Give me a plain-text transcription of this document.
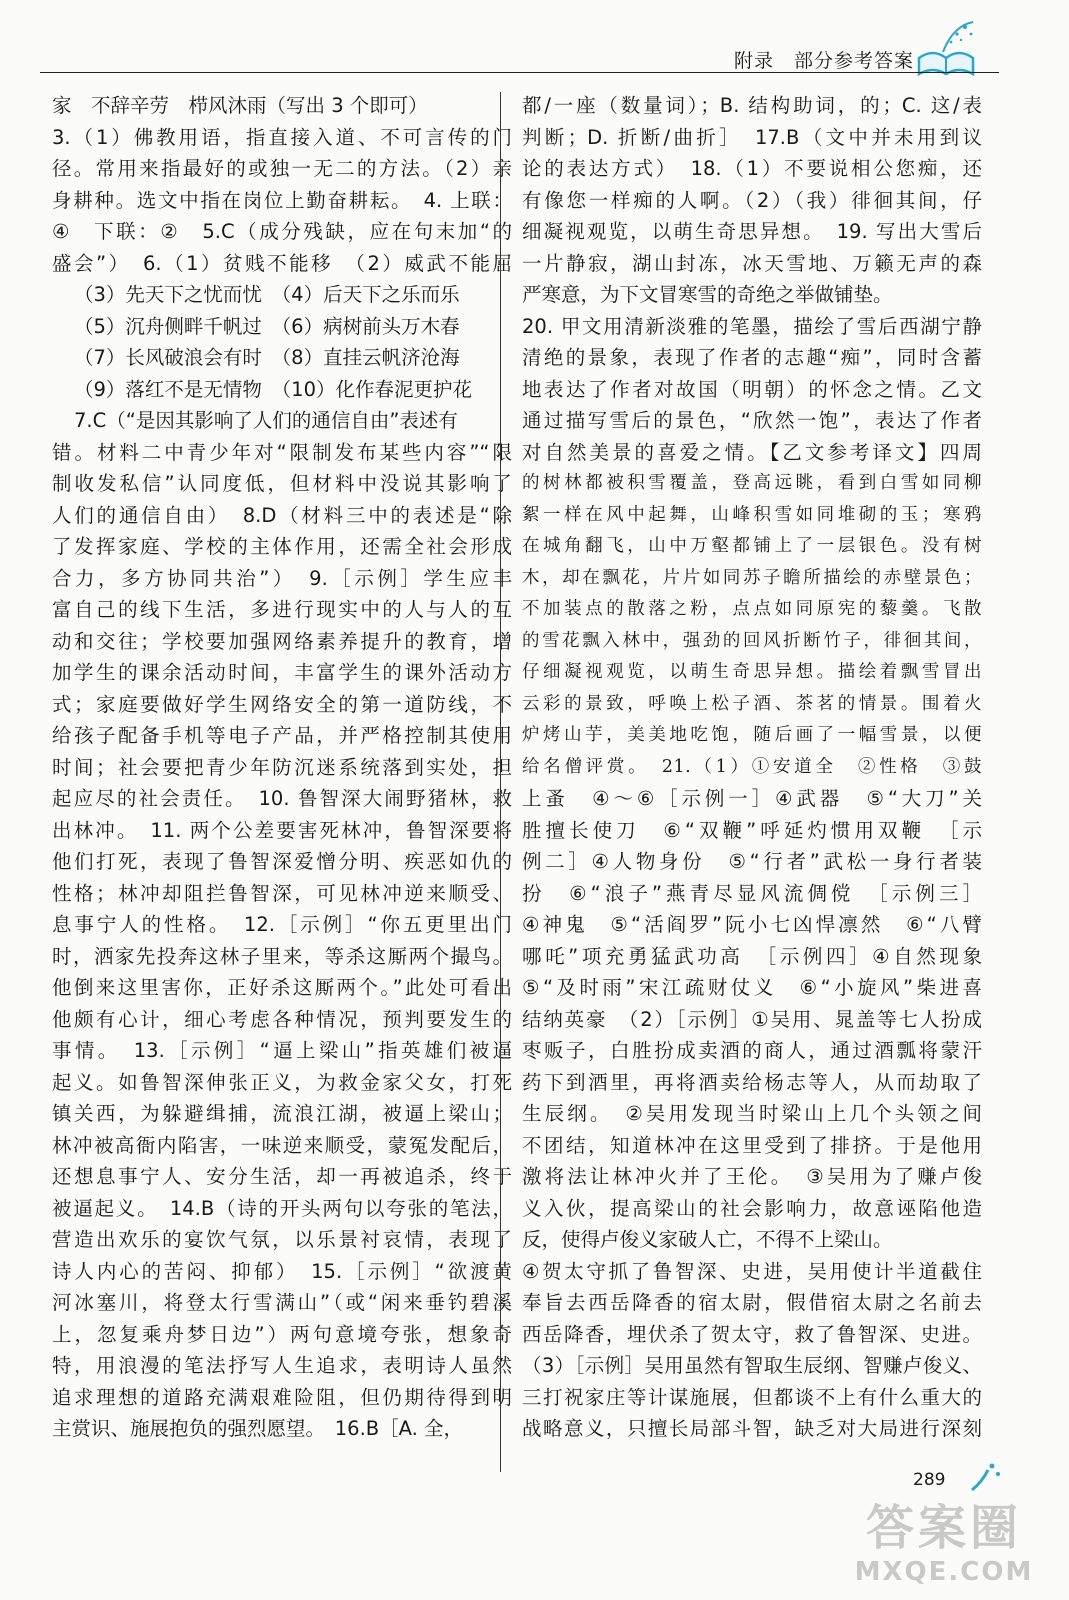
附录　部分参考答案
家　不辞辛劳　栉风沐雨（写出 3 个即可）
3.（1）佛教用语，指直接入道、不可言传的门
径。常用来指最好的或独一无二的方法。（2）亲
身耕种。选文中指在岗位上勤奋耕耘。　4. 上联：
④　下联：②　5.C（成分残缺，应在句末加“的
盛会”）　6.（1）贫贱不能移　（2）威武不能屈
（3）先天下之忧而忧　（4）后天下之乐而乐
（5）沉舟侧畔千帆过　（6）病树前头万木春
（7）长风破浪会有时　（8）直挂云帆济沧海
（9）落红不是无情物　（10）化作春泥更护花
7.C（“是因其影响了人们的通信自由”表述有
错。材料二中青少年对“限制发布某些内容”“限
制收发私信”认同度低，但材料中没说其影响了
人们的通信自由）　8.D（材料三中的表述是“除
了发挥家庭、学校的主体作用，还需全社会形成
合力，多方协同共治”）　9.［示例］学生应丰
富自己的线下生活，多进行现实中的人与人的互
动和交往；学校要加强网络素养提升的教育，增
加学生的课余活动时间，丰富学生的课外活动方
式；家庭要做好学生网络安全的第一道防线，不
给孩子配备手机等电子产品，并严格控制其使用
时间；社会要把青少年防沉迷系统落到实处，担
起应尽的社会责任。　10. 鲁智深大闹野猪林，救
出林冲。　11. 两个公差要害死林冲，鲁智深要将
他们打死，表现了鲁智深爱憎分明、疾恶如仇的
性格；林冲却阻拦鲁智深，可见林冲逆来顺受、
息事宁人的性格。　12.［示例］“你五更里出门
时，洒家先投奔这林子里来，等杀这厮两个撮鸟。
他倒来这里害你，正好杀这厮两个。”此处可看出
他颇有心计，细心考虑各种情况，预判要发生的
事情。　13.［示例］“逼上梁山”指英雄们被逼
起义。如鲁智深伸张正义，为救金家父女，打死
镇关西，为躲避缉捕，流浪江湖，被逼上梁山；
林冲被高衙内陷害，一味逆来顺受，蒙冤发配后，
还想息事宁人、安分生活，却一再被追杀，终于
被逼起义。　14.B（诗的开头两句以夸张的笔法，
营造出欢乐的宴饮气氛，以乐景衬哀情，表现了
诗人内心的苦闷、抑郁）　15.［示例］“欲渡黄
河冰塞川，将登太行雪满山”（或“闲来垂钓碧溪
上，忽复乘舟梦日边”）两句意境夸张，想象奇
特，用浪漫的笔法抒写人生追求，表明诗人虽然
追求理想的道路充满艰难险阻，但仍期待得到明
主赏识、施展抱负的强烈愿望。　16.B［A. 全，
都/一座（数量词）；B. 结构助词，的；C. 这/表
判断；D. 折断/曲折］　17.B（文中并未用到议
论的表达方式）　18.（1）不要说相公您痴，还
有像您一样痴的人啊。（2）（我）徘徊其间，仔
细凝视观览，以萌生奇思异想。　19. 写出大雪后
一片静寂，湖山封冻，冰天雪地、万籁无声的森
严寒意，为下文冒寒雪的奇绝之举做铺垫。
20. 甲文用清新淡雅的笔墨，描绘了雪后西湖宁静
清绝的景象，表现了作者的志趣“痴”，同时含蓄
地表达了作者对故国（明朝）的怀念之情。乙文
通过描写雪后的景色，“欣然一饱”，表达了作者
对自然美景的喜爱之情。【乙文参考译文】四周
的树林都被积雪覆盖，登高远眺，看到白雪如同柳
絮一样在风中起舞，山峰积雪如同堆砌的玉；寒鸦
在城角翻飞，山中万壑都铺上了一层银色。没有树
木，却在飘花，片片如同苏子瞻所描绘的赤壁景色；
不加装点的散落之粉，点点如同原宪的藜羹。飞散
的雪花飘入林中，强劲的回风折断竹子，徘徊其间，
仔细凝视观览，以萌生奇思异想。描绘着飘雪冒出
云彩的景致，呼唤上松子酒、茶茗的情景。围着火
炉烤山芋，美美地吃饱，随后画了一幅雪景，以便
给名僧评赏。　21.（1）①安道全　②性格　③鼓
上蚤　④～⑥［示例一］④武器　⑤“大刀”关
胜擅长使刀　⑥“双鞭”呼延灼惯用双鞭　［示
例二］④人物身份　⑤“行者”武松一身行者装
扮　⑥“浪子”燕青尽显风流倜傥　［示例三］
④神鬼　⑤“活阎罗”阮小七凶悍凛然　⑥“八臂
哪吒”项充勇猛武功高　［示例四］④自然现象
⑤“及时雨”宋江疏财仗义　⑥“小旋风”柴进喜
结纳英豪　（2）［示例］①吴用、晁盖等七人扮成
枣贩子，白胜扮成卖酒的商人，通过酒瓢将蒙汗
药下到酒里，再将酒卖给杨志等人，从而劫取了
生辰纲。　②吴用发现当时梁山上几个头领之间
不团结，知道林冲在这里受到了排挤。于是他用
激将法让林冲火并了王伦。　③吴用为了赚卢俊
义入伙，提高梁山的社会影响力，故意诬陷他造
反，使得卢俊义家破人亡，不得不上梁山。
④贺太守抓了鲁智深、史进，吴用使计半道截住
奉旨去西岳降香的宿太尉，假借宿太尉之名前去
西岳降香，埋伏杀了贺太守，救了鲁智深、史进。
（3）［示例］吴用虽然有智取生辰纲、智赚卢俊义、
三打祝家庄等计谋施展，但都谈不上有什么重大的
战略意义，只擅长局部斗智，缺乏对大局进行深刻
289
答案圈
MXQE.COM
